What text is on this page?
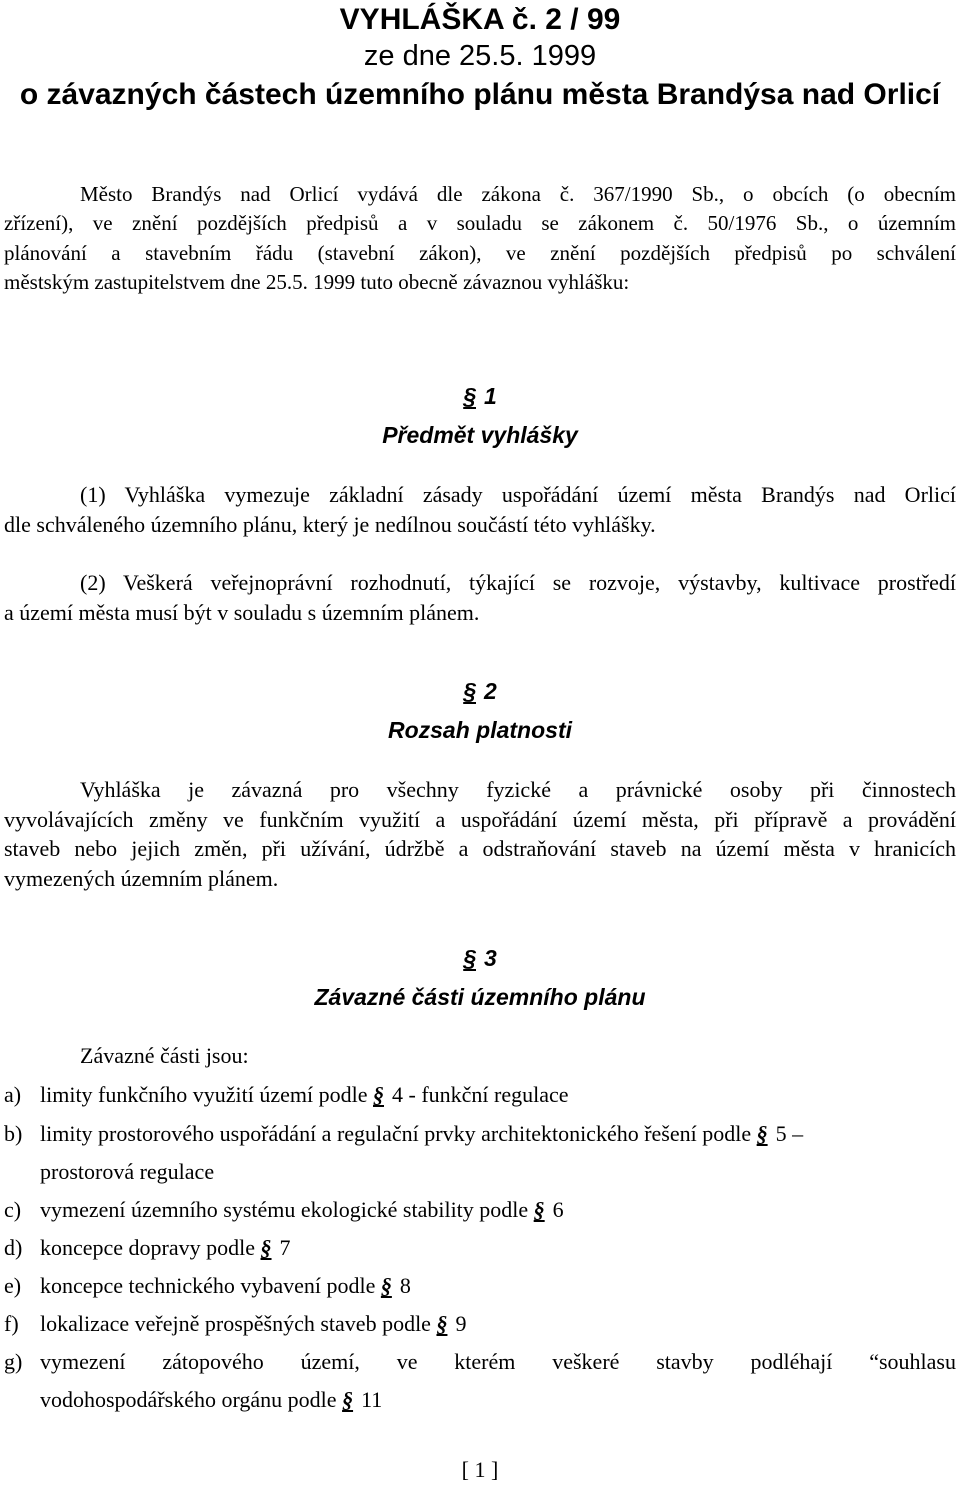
VYHLÁŠKA č. 2 / 99
ze dne 25.5. 1999
o závazných částech územního plánu města Brandýsa nad Orlicí
Město Brandýs nad Orlicí vydává dle zákona č. 367/1990 Sb., o obcích (o obecním
zřízení), ve znění pozdějších předpisů a v souladu se zákonem č. 50/1976 Sb., o územním
plánování a stavebním řádu (stavební zákon), ve znění pozdějších předpisů po schválení
městským zastupitelstvem dne 25.5. 1999 tuto obecně závaznou vyhlášku:
§ 1
Předmět vyhlášky
(1) Vyhláška vymezuje základní zásady uspořádání území města Brandýs nad Orlicí
dle schváleného územního plánu, který je nedílnou součástí této vyhlášky.
(2) Veškerá veřejnoprávní rozhodnutí, týkající se rozvoje, výstavby, kultivace prostředí
a území města musí být v souladu s územním plánem.
§ 2
Rozsah platnosti
Vyhláška je závazná pro všechny fyzické a právnické osoby při činnostech
vyvolávajících změny ve funkčním využití a uspořádání území města, při přípravě a provádění
staveb nebo jejich změn, při užívání, údržbě a odstraňování staveb na území města v hranicích
vymezených územním plánem.
§ 3
Závazné části územního plánu
Závazné části jsou:
a) limity funkčního využití území podle § 4 - funkční regulace
b) limity prostorového uspořádání a regulační prvky architektonického řešení podle § 5 –
prostorová regulace
c) vymezení územního systému ekologické stability podle § 6
d) koncepce dopravy podle § 7
e) koncepce technického vybavení podle § 8
f) lokalizace veřejně prospěšných staveb podle § 9
g) vymezení zátopového území, ve kterém veškeré stavby podléhají “souhlasu
vodohospodářského orgánu podle § 11
[ 1 ]
